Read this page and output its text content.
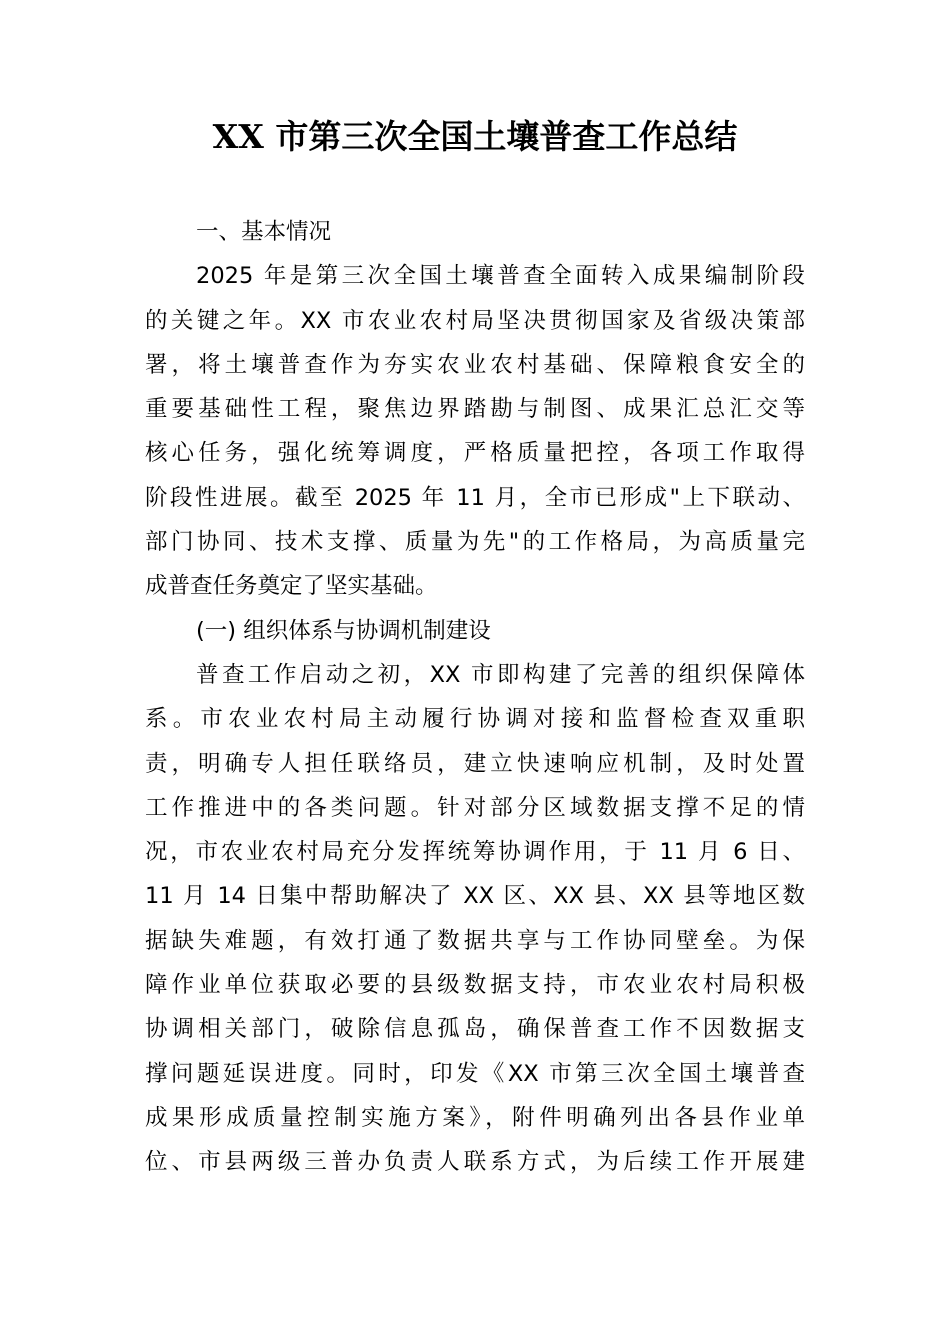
XX 市第三次全国土壤普查工作总结
一、基本情况
2025 年是第三次全国土壤普查全面转入成果编制阶段
的关键之年。XX 市农业农村局坚决贯彻国家及省级决策部
署，将土壤普查作为夯实农业农村基础、保障粮食安全的
重要基础性工程，聚焦边界踏勘与制图、成果汇总汇交等
核心任务，强化统筹调度，严格质量把控，各项工作取得
阶段性进展。截至 2025 年 11 月，全市已形成"上下联动、
部门协同、技术支撑、质量为先"的工作格局，为高质量完
成普查任务奠定了坚实基础。
(一) 组织体系与协调机制建设
普查工作启动之初，XX 市即构建了完善的组织保障体
系。市农业农村局主动履行协调对接和监督检查双重职
责，明确专人担任联络员，建立快速响应机制，及时处置
工作推进中的各类问题。针对部分区域数据支撑不足的情
况，市农业农村局充分发挥统筹协调作用，于 11 月 6 日、
11 月 14 日集中帮助解决了 XX 区、XX 县、XX 县等地区数
据缺失难题，有效打通了数据共享与工作协同壁垒。为保
障作业单位获取必要的县级数据支持，市农业农村局积极
协调相关部门，破除信息孤岛，确保普查工作不因数据支
撑问题延误进度。同时，印发《XX 市第三次全国土壤普查
成果形成质量控制实施方案》，附件明确列出各县作业单
位、市县两级三普办负责人联系方式，为后续工作开展建
